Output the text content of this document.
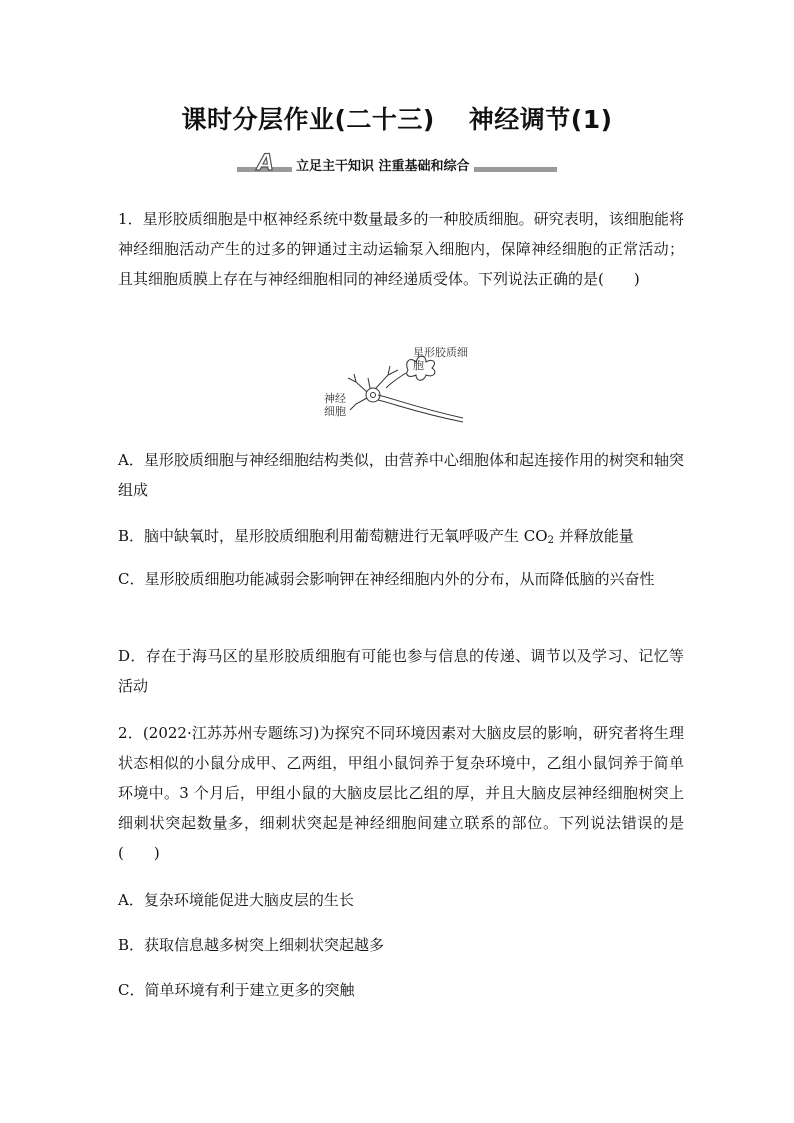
课时分层作业(二十三) 神经调节(1)
A	立足主干知识 注重基础和综合
1．星形胶质细胞是中枢神经系统中数量最多的一种胶质细胞。研究表明，该细胞能将神经细胞活动产生的过多的钾通过主动运输泵入细胞内，保障神经细胞的正常活动；且其细胞质膜上存在与神经细胞相同的神经递质受体。下列说法正确的是(　　)
星形胶质细胞
神经
细胞
A．星形胶质细胞与神经细胞结构类似，由营养中心细胞体和起连接作用的树突和轴突组成
B．脑中缺氧时，星形胶质细胞利用葡萄糖进行无氧呼吸产生 $CO_2$ 并释放能量
C．星形胶质细胞功能减弱会影响钾在神经细胞内外的分布，从而降低脑的兴奋性
D．存在于海马区的星形胶质细胞有可能也参与信息的传递、调节以及学习、记忆等活动
2．(2022·江苏苏州专题练习)为探究不同环境因素对大脑皮层的影响，研究者将生理状态相似的小鼠分成甲、乙两组，甲组小鼠饲养于复杂环境中，乙组小鼠饲养于简单环境中。3 个月后，甲组小鼠的大脑皮层比乙组的厚，并且大脑皮层神经细胞树突上细刺状突起数量多，细刺状突起是神经细胞间建立联系的部位。下列说法错误的是(　　)
A．复杂环境能促进大脑皮层的生长
B．获取信息越多树突上细刺状突起越多
C．简单环境有利于建立更多的突触
